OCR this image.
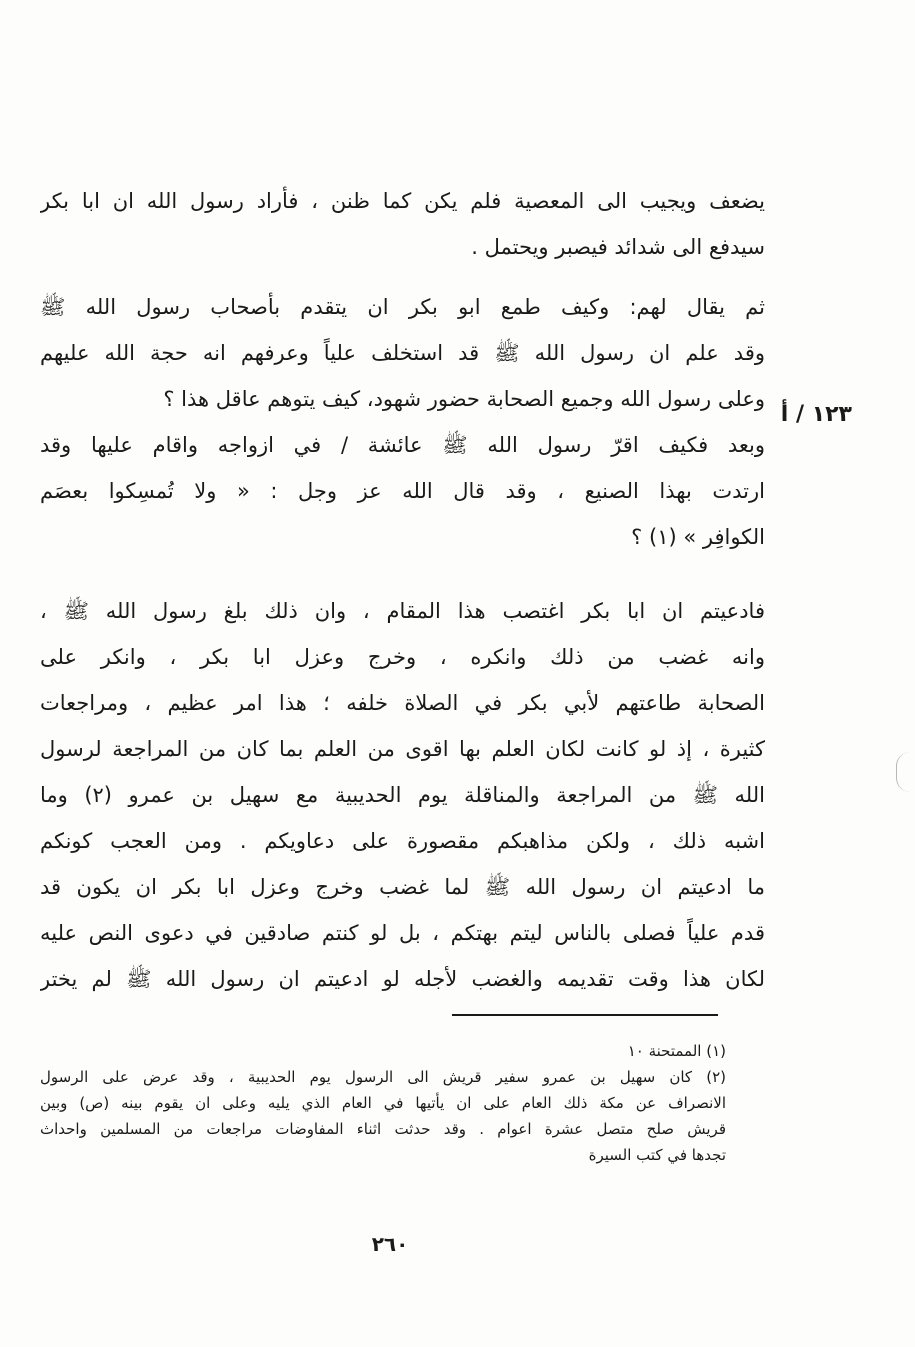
يضعف ويجيب الى المعصية فلم يكن كما ظنن ، فأراد رسول الله ان ابا بكر
سيدفع الى شدائد فيصبر ويحتمل .
ثم يقال لهم: وكيف طمع ابو بكر ان يتقدم بأصحاب رسول الله ﷺ
وقد علم ان رسول الله ﷺ قد استخلف علياً وعرفهم انه حجة الله عليهم
وعلى رسول الله وجميع الصحابة حضور شهود، كيف يتوهم عاقل هذا ؟
وبعد فكيف اقرّ رسول الله ﷺ عائشة / في ازواجه واقام عليها وقد
ارتدت بهذا الصنيع ، وقد قال الله عز وجل : « ولا تُمسِكوا بعصَم
الكوافِر » (١) ؟
فادعيتم ان ابا بكر اغتصب هذا المقام ، وان ذلك بلغ رسول الله ﷺ ،
وانه غضب من ذلك وانكره ، وخرج وعزل ابا بكر ، وانكر على
الصحابة طاعتهم لأبي بكر في الصلاة خلفه ؛ هذا امر عظيم ، ومراجعات
كثيرة ، إذ لو كانت لكان العلم بها اقوى من العلم بما كان من المراجعة لرسول
الله ﷺ من المراجعة والمناقلة يوم الحديبية مع سهيل بن عمرو (٢) وما
اشبه ذلك ، ولكن مذاهبكم مقصورة على دعاويكم . ومن العجب كونكم
ما ادعيتم ان رسول الله ﷺ لما غضب وخرج وعزل ابا بكر ان يكون قد
قدم علياً فصلى بالناس ليتم بهتكم ، بل لو كنتم صادقين في دعوى النص عليه
لكان هذا وقت تقديمه والغضب لأجله لو ادعيتم ان رسول الله ﷺ لم يختر
١٢٣ / أ
(١) الممتحنة ١٠
(٢) كان سهيل بن عمرو سفير قريش الى الرسول يوم الحديبية ، وقد عرض على الرسول
الانصراف عن مكة ذلك العام على ان يأتيها في العام الذي يليه وعلى ان يقوم بينه (ص) وبين
قريش صلح متصل عشرة اعوام . وقد حدثت اثناء المفاوضات مراجعات من المسلمين واحداث
تجدها في كتب السيرة
٢٦٠
